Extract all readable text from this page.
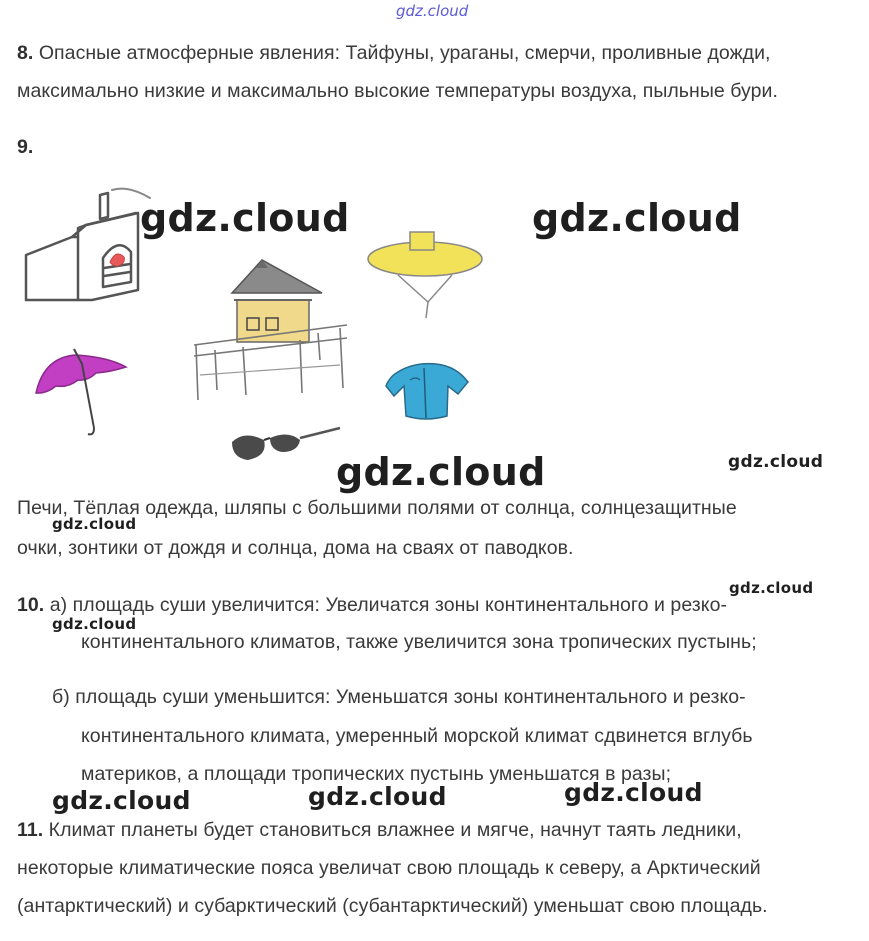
gdz.cloud
8. Опасные атмосферные явления: Тайфуны, ураганы, смерчи, проливные дожди,
максимально низкие и максимально высокие температуры воздуха, пыльные бури.
9.
gdz.cloud	gdz.cloud
gdz.cloud	gdz.cloud
Печи, Тёплая одежда, шляпы с большими полями от солнца, солнцезащитные
очки, зонтики от дождя и солнца, дома на сваях от паводков.
gdz.cloud
gdz.cloud
10. а) площадь суши увеличится: Увеличатся зоны континентального и резко-
gdz.cloud
континентального климатов, также увеличится зона тропических пустынь;
б) площадь суши уменьшится: Уменьшатся зоны континентального и резко-
континентального климата, умеренный морской климат сдвинется вглубь
материков, а площади тропических пустынь уменьшатся в разы;
gdz.cloud	gdz.cloud	gdz.cloud
11. Климат планеты будет становиться влажнее и мягче, начнут таять ледники,
некоторые климатические пояса увеличат свою площадь к северу, а Арктический
(антарктический) и субарктический (субантарктический) уменьшат свою площадь.
